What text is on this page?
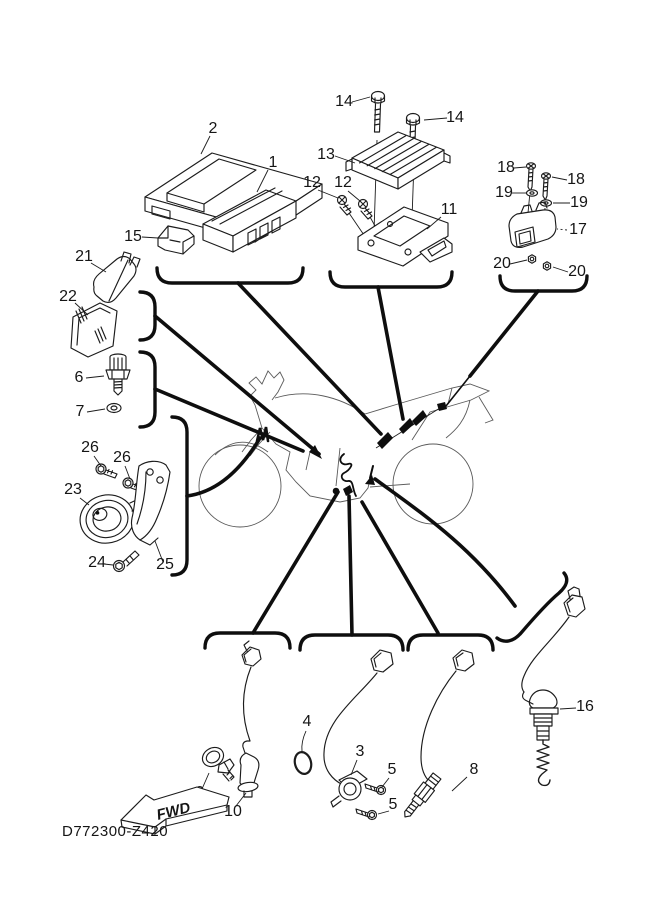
2
1
15
14
14
13
12 12
11
18
18
19
19
17
20	20
21
22
6
7
26
26
23
24	25
10
4
3
5
5
8
16
FWD
D772300-Z420
